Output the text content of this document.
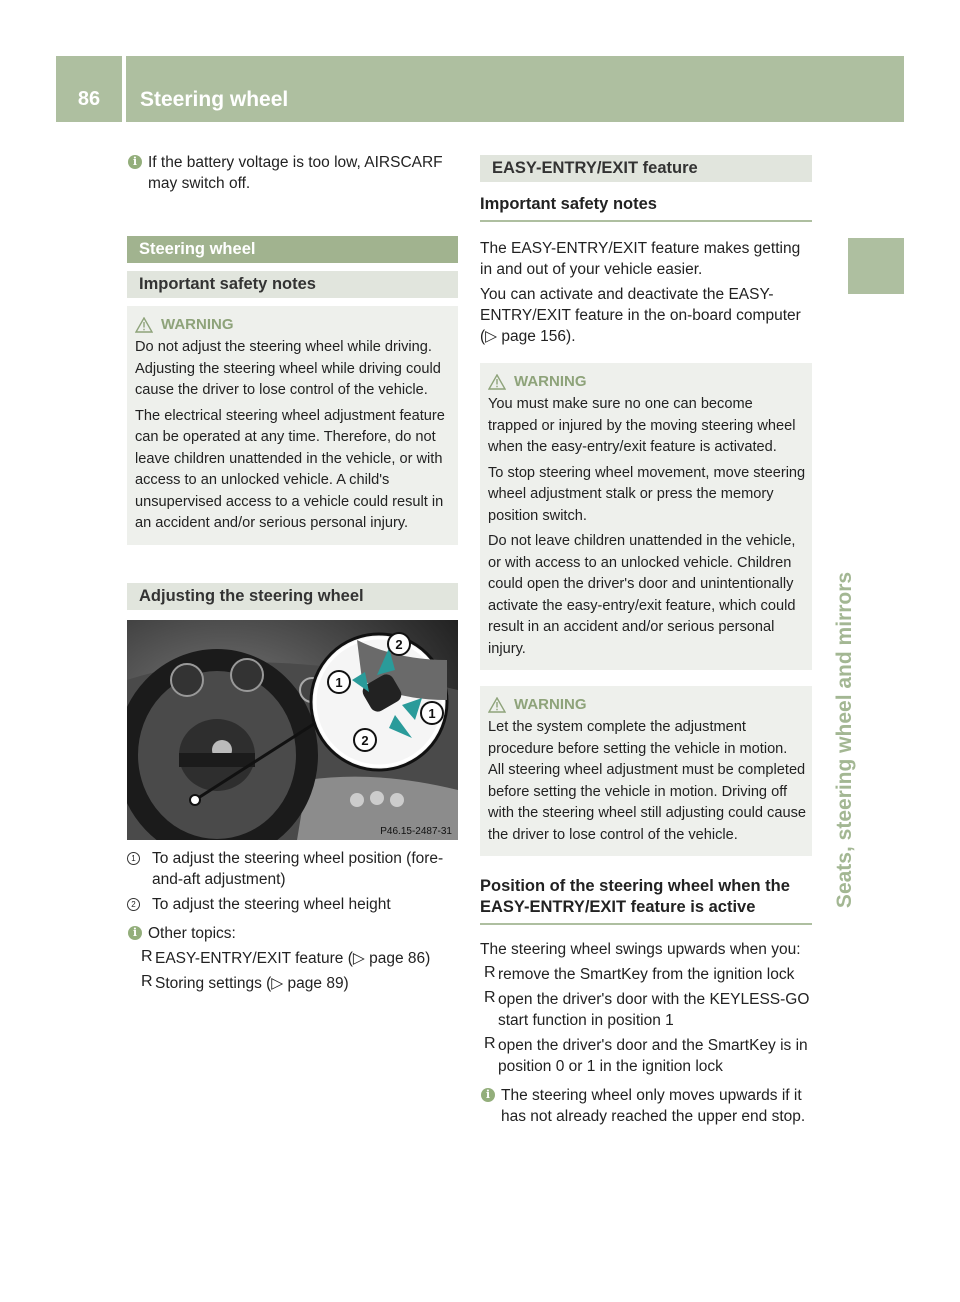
86	Steering wheel
Seats, steering wheel and mirrors
i If the battery voltage is too low, AIRSCARF may switch off.

Steering wheel
Important safety notes
WARNING

Do not adjust the steering wheel while driving. Adjusting the steering wheel while driving could cause the driver to lose control of the vehicle.

The electrical steering wheel adjustment feature can be operated at any time. Therefore, do not leave children unattended in the vehicle, or with access to an unlocked vehicle. A child's unsupervised access to a vehicle could result in an accident and/or serious personal injury.

Adjusting the steering wheel
1
2
1
2
P46.15-2487-31
1 To adjust the steering wheel position (fore-and-aft adjustment)

2 To adjust the steering wheel height

i Other topics:

R EASY-ENTRY/EXIT feature (▷ page 86)

R Storing settings (▷ page 89)

EASY-ENTRY/EXIT feature
Important safety notes

The EASY-ENTRY/EXIT feature makes getting in and out of your vehicle easier.

You can activate and deactivate the EASY-ENTRY/EXIT feature in the on-board computer (▷ page 156).

WARNING

You must make sure no one can become trapped or injured by the moving steering wheel when the easy-entry/exit feature is activated.

To stop steering wheel movement, move steering wheel adjustment stalk or press the memory position switch.

Do not leave children unattended in the vehicle, or with access to an unlocked vehicle. Children could open the driver's door and unintentionally activate the easy-entry/exit feature, which could result in an accident and/or serious personal injury.

WARNING

Let the system complete the adjustment procedure before setting the vehicle in motion. All steering wheel adjustment must be completed before setting the vehicle in motion. Driving off with the steering wheel still adjusting could cause the driver to lose control of the vehicle.

Position of the steering wheel when the EASY-ENTRY/EXIT feature is active

The steering wheel swings upwards when you:

R remove the SmartKey from the ignition lock

R open the driver's door with the KEYLESS-GO start function in position 1

R open the driver's door and the SmartKey is in position 0 or 1 in the ignition lock

i The steering wheel only moves upwards if it has not already reached the upper end stop.
